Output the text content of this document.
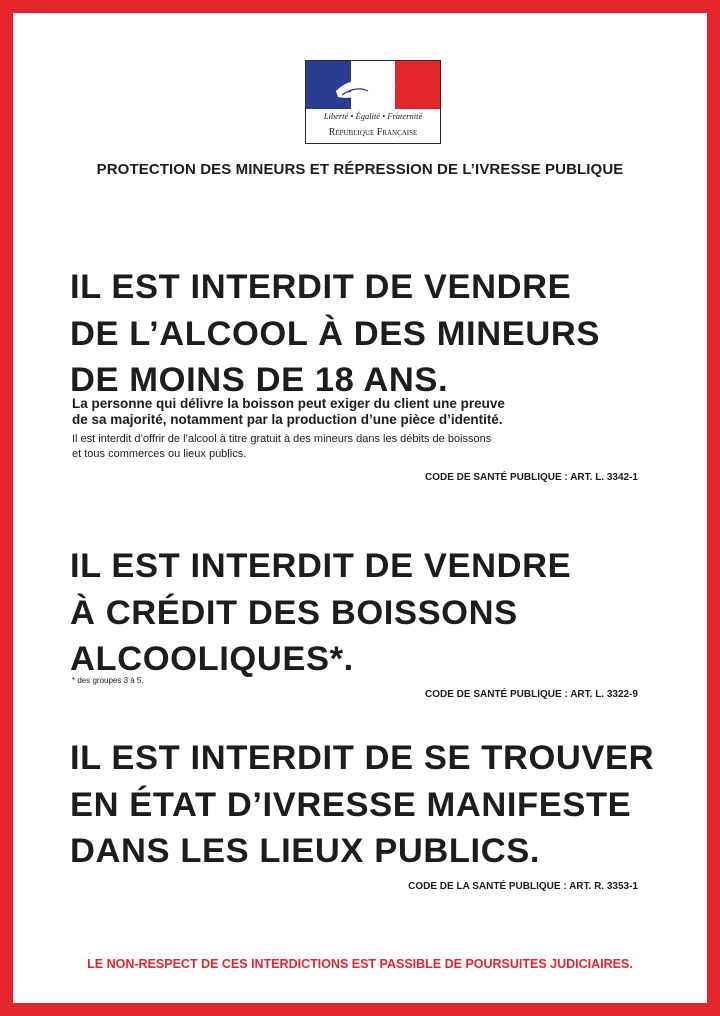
Liberté • Égalité • Fraternité
République Française
PROTECTION DES MINEURS ET RÉPRESSION DE L’IVRESSE PUBLIQUE
IL EST INTERDIT DE VENDRE
DE L’ALCOOL À DES MINEURS
DE MOINS DE 18 ANS.
La personne qui délivre la boisson peut exiger du client une preuve
de sa majorité, notamment par la production d’une pièce d’identité.
Il est interdit d’offrir de l’alcool à titre gratuit à des mineurs dans les débits de boissons
et tous commerces ou lieux publics.
CODE DE SANTÉ PUBLIQUE : ART. L. 3342-1
IL EST INTERDIT DE VENDRE
À CRÉDIT DES BOISSONS
ALCOOLIQUES*.
* des groupes 3 à 5.
CODE DE SANTÉ PUBLIQUE : ART. L. 3322-9
IL EST INTERDIT DE SE TROUVER
EN ÉTAT D’IVRESSE MANIFESTE
DANS LES LIEUX PUBLICS.
CODE DE LA SANTÉ PUBLIQUE : ART. R. 3353-1
LE NON-RESPECT DE CES INTERDICTIONS EST PASSIBLE DE POURSUITES JUDICIAIRES.
